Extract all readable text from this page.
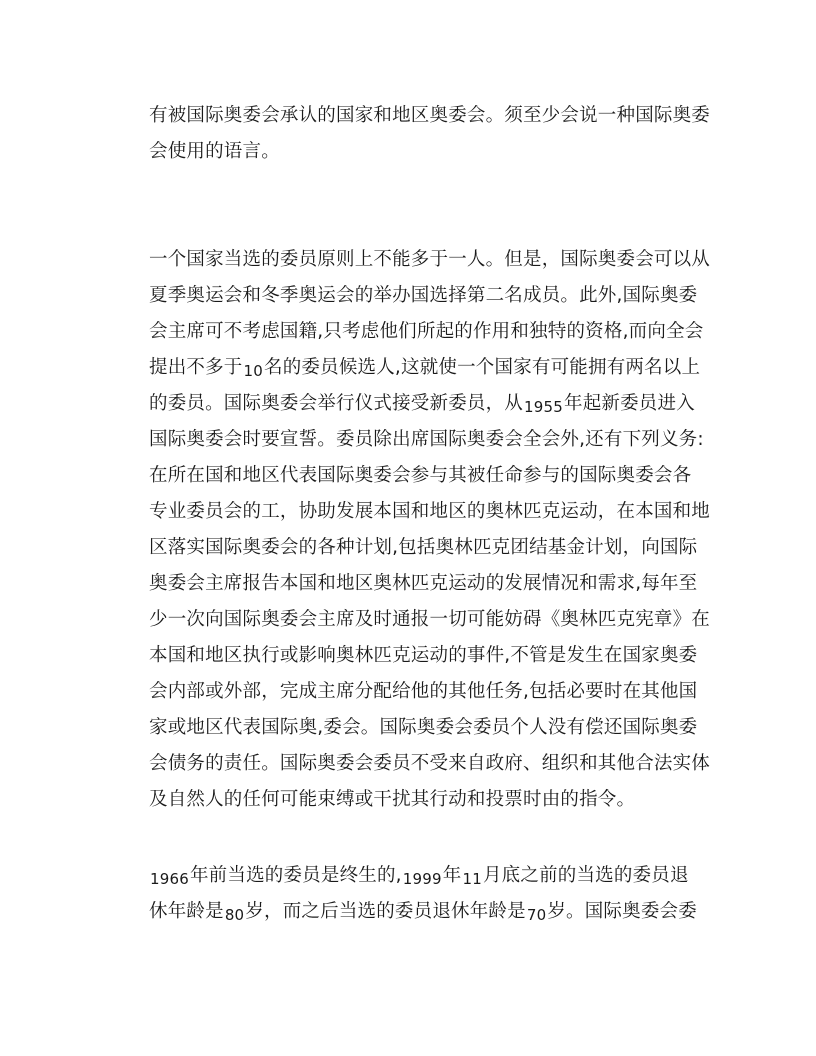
有被国际奥委会承认的国家和地区奥委会。须至少会说一种国际奥委
会使用的语言。
一个国家当选的委员原则上不能多于一人。但是，国际奥委会可以从
夏季奥运会和冬季奥运会的举办国选择第二名成员。此外,国际奥委
会主席可不考虑国籍,只考虑他们所起的作用和独特的资格,而向全会
提出不多于10名的委员候选人,这就使一个国家有可能拥有两名以上
的委员。国际奥委会举行仪式接受新委员，从1955年起新委员进入
国际奥委会时要宣誓。委员除出席国际奥委会全会外,还有下列义务:
在所在国和地区代表国际奥委会参与其被任命参与的国际奥委会各
专业委员会的工，协助发展本国和地区的奥林匹克运动，在本国和地
区落实国际奥委会的各种计划,包括奥林匹克团结基金计划，向国际
奥委会主席报告本国和地区奥林匹克运动的发展情况和需求,每年至
少一次向国际奥委会主席及时通报一切可能妨碍《奥林匹克宪章》在
本国和地区执行或影响奥林匹克运动的事件,不管是发生在国家奥委
会内部或外部，完成主席分配给他的其他任务,包括必要时在其他国
家或地区代表国际奥,委会。国际奥委会委员个人没有偿还国际奥委
会债务的责任。国际奥委会委员不受来自政府、组织和其他合法实体
及自然人的任何可能束缚或干扰其行动和投票时由的指令。
1966年前当选的委员是终生的,1999年11月底之前的当选的委员退
休年龄是80岁，而之后当选的委员退休年龄是70岁。国际奥委会委
